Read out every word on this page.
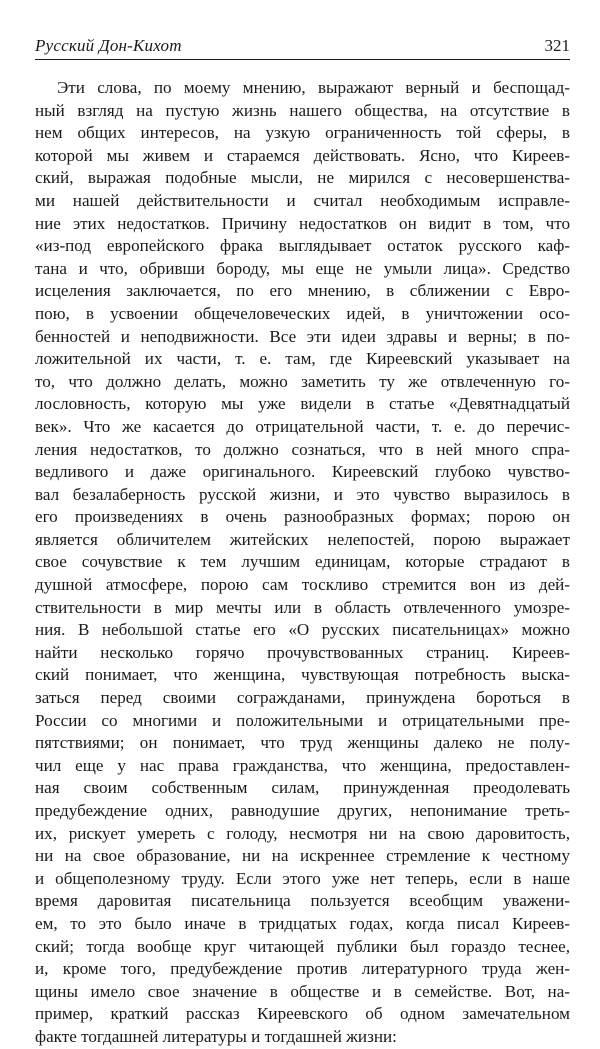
Русский Дон-Кихот	321
Эти слова, по моему мнению, выражают верный и беспощад-
ный взгляд на пустую жизнь нашего общества, на отсутствие в
нем общих интересов, на узкую ограниченность той сферы, в
которой мы живем и стараемся действовать. Ясно, что Киреев-
ский, выражая подобные мысли, не мирился с несовершенства-
ми нашей действительности и считал необходимым исправле-
ние этих недостатков. Причину недостатков он видит в том, что
«из-под европейского фрака выглядывает остаток русского каф-
тана и что, обривши бороду, мы еще не умыли лица». Средство
исцеления заключается, по его мнению, в сближении с Евро-
пою, в усвоении общечеловеческих идей, в уничтожении осо-
бенностей и неподвижности. Все эти идеи здравы и верны; в по-
ложительной их части, т. е. там, где Киреевский указывает на
то, что должно делать, можно заметить ту же отвлеченную го-
лословность, которую мы уже видели в статье «Девятнадцатый
век». Что же касается до отрицательной части, т. е. до перечис-
ления недостатков, то должно сознаться, что в ней много спра-
ведливого и даже оригинального. Киреевский глубоко чувство-
вал безалаберность русской жизни, и это чувство выразилось в
его произведениях в очень разнообразных формах; порою он
является обличителем житейских нелепостей, порою выражает
свое сочувствие к тем лучшим единицам, которые страдают в
душной атмосфере, порою сам тоскливо стремится вон из дей-
ствительности в мир мечты или в область отвлеченного умозре-
ния. В небольшой статье его «О русских писательницах» можно
найти несколько горячо прочувствованных страниц. Киреев-
ский понимает, что женщина, чувствующая потребность выска-
заться перед своими согражданами, принуждена бороться в
России со многими и положительными и отрицательными пре-
пятствиями; он понимает, что труд женщины далеко не полу-
чил еще у нас права гражданства, что женщина, предоставлен-
ная своим собственным силам, принужденная преодолевать
предубеждение одних, равнодушие других, непонимание треть-
их, рискует умереть с голоду, несмотря ни на свою даровитость,
ни на свое образование, ни на искреннее стремление к честному
и общеполезному труду. Если этого уже нет теперь, если в наше
время даровитая писательница пользуется всеобщим уважени-
ем, то это было иначе в тридцатых годах, когда писал Киреев-
ский; тогда вообще круг читающей публики был гораздо теснее,
и, кроме того, предубеждение против литературного труда жен-
щины имело свое значение в обществе и в семействе. Вот, на-
пример, краткий рассказ Киреевского об одном замечательном
факте тогдашней литературы и тогдашней жизни:
